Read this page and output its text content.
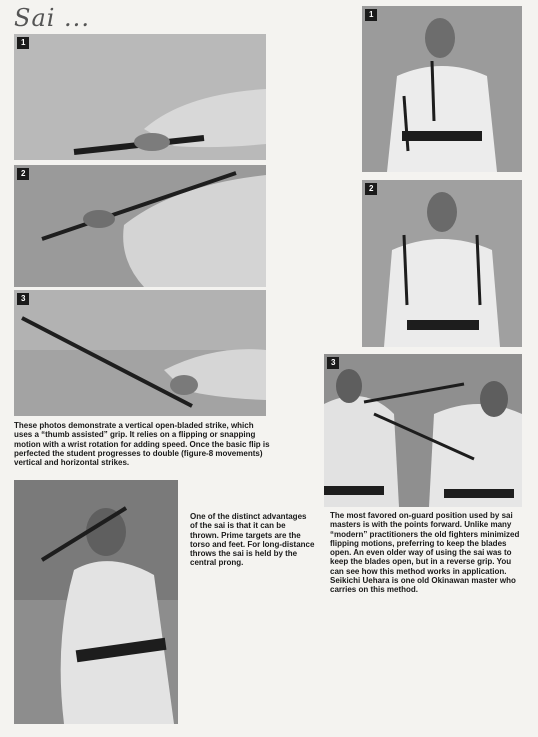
Sai ...
1
2
3

These photos demonstrate a vertical open-bladed strike, which uses a “thumb assisted” grip. It relies on a flipping or snapping motion with a wrist rotation for adding speed. Once the basic flip is perfected the student progresses to double (figure-8 movements) vertical and horizontal strikes.

One of the distinct advantages of the sai is that it can be thrown. Prime targets are the torso and feet. For long-distance throws the sai is held by the central prong.

1
2
3

The most favored on-guard position used by sai masters is with the points forward. Unlike many “modern” practitioners the old fighters minimized flipping motions, preferring to keep the blades open. An even older way of using the sai was to keep the blades open, but in a reverse grip. You can see how this method works in application. Seikichi Uehara is one old Okinawan master who carries on this method.
